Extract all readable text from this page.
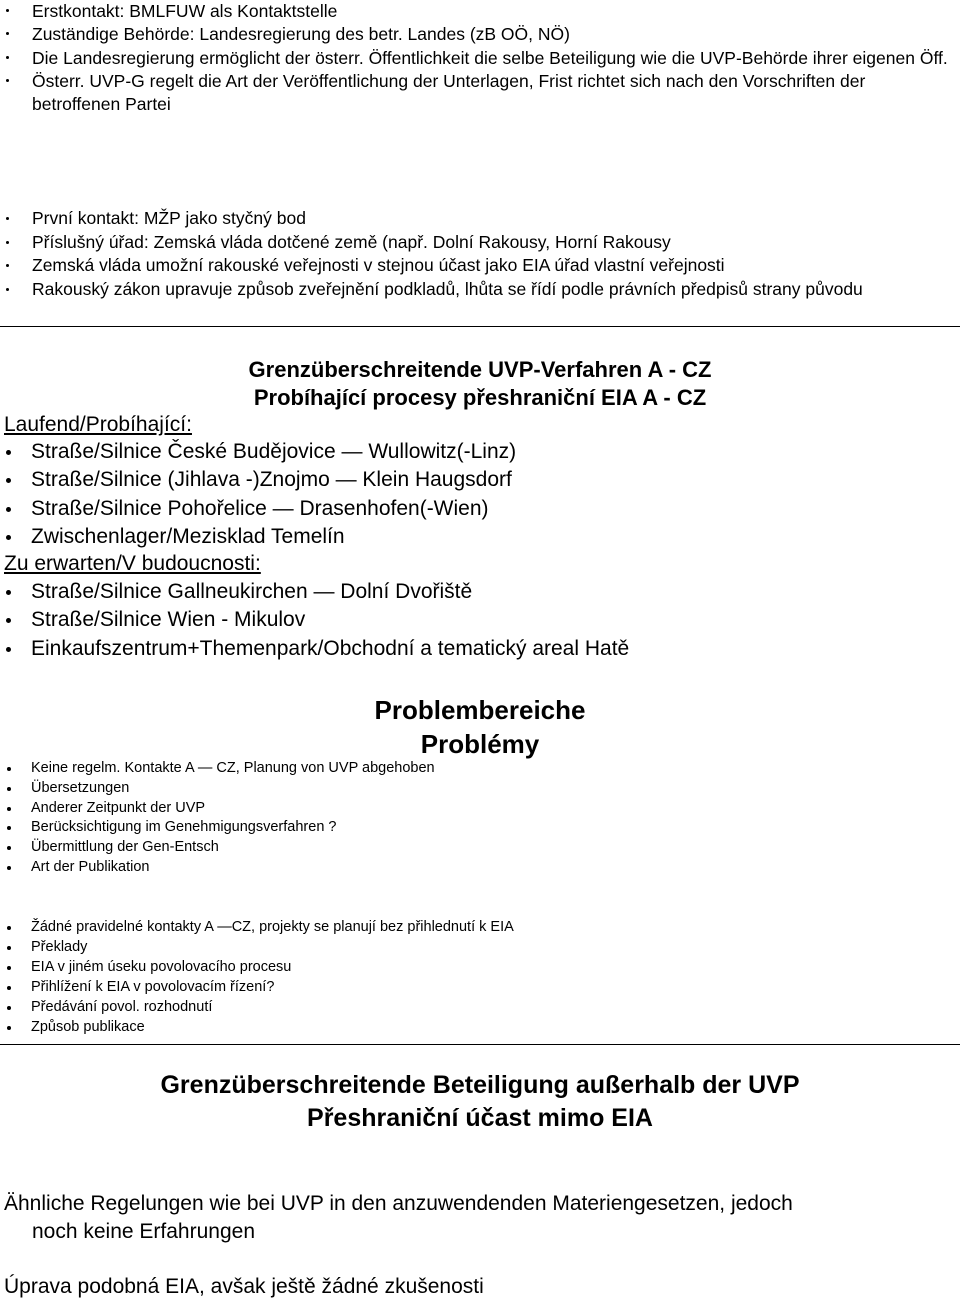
Erstkontakt: BMLFUW als Kontaktstelle
Zuständige Behörde: Landesregierung des betr. Landes (zB OÖ, NÖ)
Die Landesregierung ermöglicht der österr. Öffentlichkeit die selbe Beteiligung wie die UVP-Behörde ihrer eigenen Öff.
Österr. UVP-G regelt die Art der Veröffentlichung der Unterlagen, Frist richtet sich nach den Vorschriften der betroffenen Partei
První kontakt: MŽP jako styčný bod
Příslušný úřad: Zemská vláda dotčené země (např. Dolní Rakousy, Horní Rakousy
Zemská vláda umožní rakouské veřejnosti v stejnou účast jako EIA úřad vlastní veřejnosti
Rakouský zákon upravuje způsob zveřejnění podkladů, lhůta se řídí podle právních předpisů strany původu
Grenzüberschreitende UVP-Verfahren A - CZ
Probíhající procesy přeshraniční EIA A - CZ
Laufend/Probíhající:
Straße/Silnice České Budějovice — Wullowitz(-Linz)
Straße/Silnice (Jihlava -)Znojmo — Klein Haugsdorf
Straße/Silnice Pohořelice — Drasenhofen(-Wien)
Zwischenlager/Mezisklad Temelín
Zu erwarten/V budoucnosti:
Straße/Silnice Gallneukirchen — Dolní Dvořiště
Straße/Silnice Wien - Mikulov
Einkaufszentrum+Themenpark/Obchodní a tematický areal Hatě
Problembereiche
Problémy
Keine regelm. Kontakte A — CZ, Planung von UVP abgehoben
Übersetzungen
Anderer Zeitpunkt der UVP
Berücksichtigung im Genehmigungsverfahren ?
Übermittlung der Gen-Entsch
Art der Publikation
Žádné pravidelné kontakty A —CZ, projekty se planují bez přihlednutí k EIA
Překlady
EIA v jiném úseku povolovacího procesu
Přihlížení k EIA v povolovacím řízení?
Předávání povol. rozhodnutí
Způsob publikace
Grenzüberschreitende Beteiligung außerhalb der UVP
Přeshraniční účast mimo EIA
Ähnliche Regelungen wie bei UVP in den anzuwendenden Materiengesetzen, jedoch
noch keine Erfahrungen
Úprava podobná EIA, avšak ještě žádné zkušenosti
